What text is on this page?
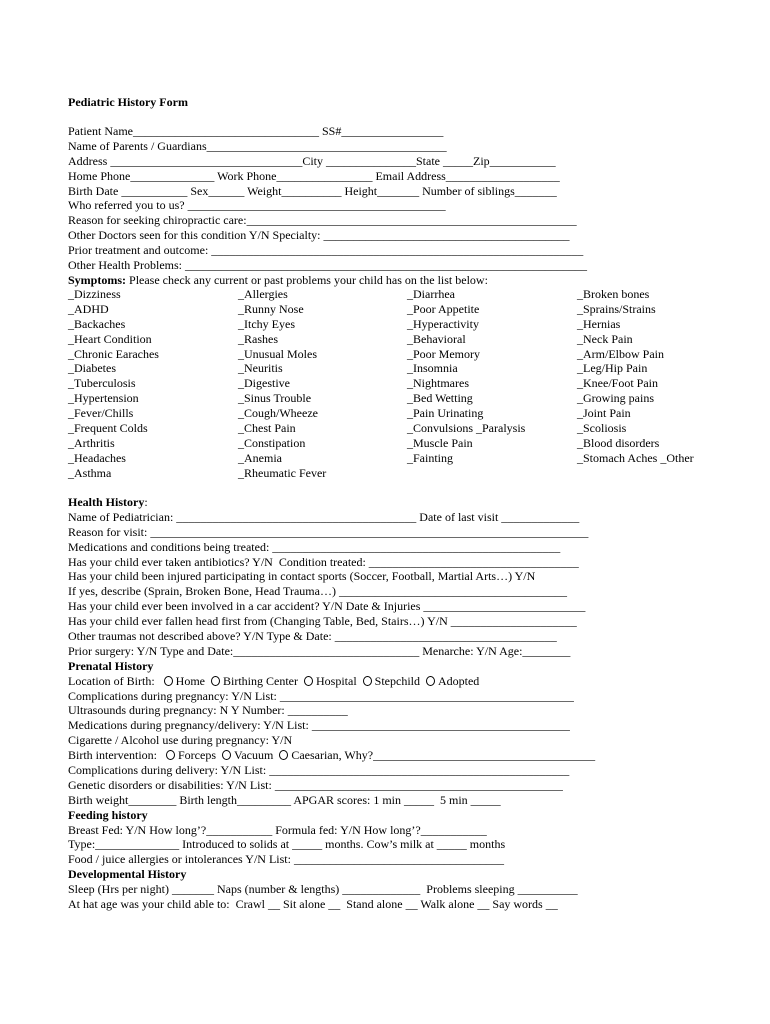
Pediatric History Form
Patient Name_______________________________ SS#_________________
Name of Parents / Guardians________________________________________
Address ________________________________City _______________State _____Zip___________
Home Phone______________ Work Phone________________ Email Address___________________
Birth Date ___________ Sex______ Weight__________ Height_______ Number of siblings_______
Who referred you to us? ___________________________________________
Reason for seeking chiropractic care:_______________________________________________________
Other Doctors seen for this condition Y/N Specialty: _________________________________________
Prior treatment and outcome: ______________________________________________________________
Other Health Problems: ___________________________________________________________________
Symptoms: Please check any current or past problems your child has on the list below:
_Dizziness
_ADHD
_Backaches
_Heart Condition
_Chronic Earaches
_Diabetes
_Tuberculosis
_Hypertension
_Fever/Chills
_Frequent Colds
_Arthritis
_Headaches
_Asthma
_Allergies
_Runny Nose
_Itchy Eyes
_Rashes
_Unusual Moles
_Neuritis
_Digestive
_Sinus Trouble
_Cough/Wheeze
_Chest Pain
_Constipation
_Anemia
_Rheumatic Fever
_Diarrhea
_Poor Appetite
_Hyperactivity
_Behavioral
_Poor Memory
_Insomnia
_Nightmares
_Bed Wetting
_Pain Urinating
_Convulsions _Paralysis
_Muscle Pain
_Fainting
_Broken bones
_Sprains/Strains
_Hernias
_Neck Pain
_Arm/Elbow Pain
_Leg/Hip Pain
_Knee/Foot Pain
_Growing pains
_Joint Pain
_Scoliosis
_Blood disorders
_Stomach Aches _Other
Health History:
Name of Pediatrician: ________________________________________ Date of last visit _____________
Reason for visit: _________________________________________________________________________
Medications and conditions being treated: ________________________________________________
Has your child ever taken antibiotics? Y/N  Condition treated: ___________________________________
Has your child been injured participating in contact sports (Soccer, Football, Martial Arts…) Y/N
If yes, describe (Sprain, Broken Bone, Head Trauma…) ______________________________________
Has your child ever been involved in a car accident? Y/N Date & Injuries ___________________________
Has your child ever fallen head first from (Changing Table, Bed, Stairs…) Y/N _____________________
Other traumas not described above? Y/N Type & Date: _____________________________________
Prior surgery: Y/N Type and Date:_______________________________ Menarche: Y/N Age:________
Prenatal History
Location of Birth: Home Birthing Center Hospital Stepchild Adopted
Complications during pregnancy: Y/N List: _________________________________________________
Ultrasounds during pregnancy: N Y Number: __________
Medications during pregnancy/delivery: Y/N List: ___________________________________________
Cigarette / Alcohol use during pregnancy: Y/N
Birth intervention: Forceps Vacuum Caesarian, Why?_____________________________________
Complications during delivery: Y/N List: __________________________________________________
Genetic disorders or disabilities: Y/N List: ________________________________________________
Birth weight________ Birth length_________ APGAR scores: 1 min _____  5 min _____
Feeding history
Breast Fed: Y/N How long’?___________ Formula fed: Y/N How long’?___________
Type:______________ Introduced to solids at _____ months. Cow’s milk at _____ months
Food / juice allergies or intolerances Y/N List: ___________________________________
Developmental History
Sleep (Hrs per night) _______ Naps (number & lengths) _____________  Problems sleeping __________
At hat age was your child able to:  Crawl __ Sit alone __  Stand alone __ Walk alone __ Say words __
